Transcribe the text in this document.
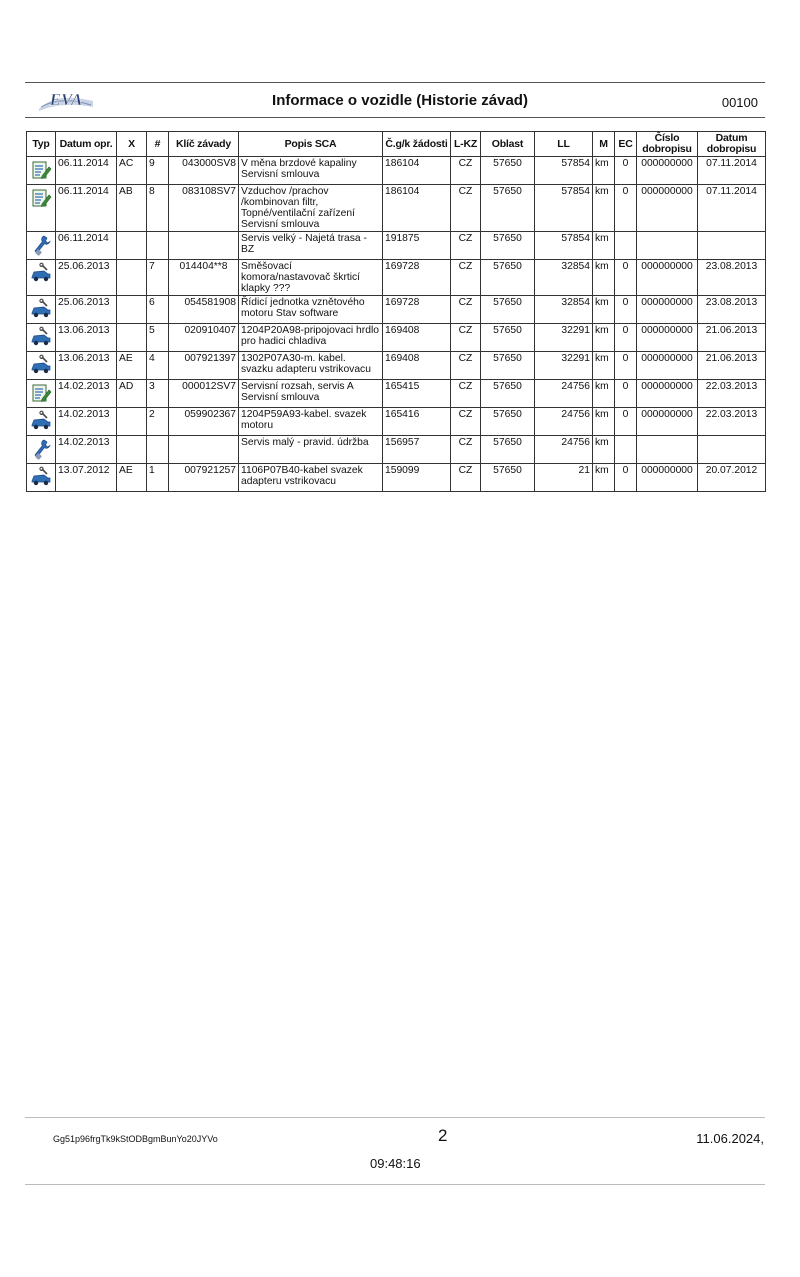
EVA	Informace o vozidle (Historie závad)	00100
Typ	Datum opr.	X	#	Klíč závady	Popis SCA	Č.g/k žádosti	L-KZ	Oblast	LL	M	EC	Číslo dobropisu	Datum dobropisu
	06.11.2014	AC	9	043000SV8	V měna brzdové kapaliny Servisní smlouva	186104	CZ	57650	57854	km	0	000000000	07.11.2014
	06.11.2014	AB	8	083108SV7	Vzduchov /prachov /kombinovan filtr, Topné/ventilační zařízení Servisní smlouva	186104	CZ	57650	57854	km	0	000000000	07.11.2014
	06.11.2014				Servis velký - Najetá trasa - BZ	191875	CZ	57650	57854	km			
	25.06.2013		7	014404**8	Směšovací komora/nastavovač škrticí klapky ???	169728	CZ	57650	32854	km	0	000000000	23.08.2013
	25.06.2013		6	054581908	Řídicí jednotka vznětového motoru Stav software	169728	CZ	57650	32854	km	0	000000000	23.08.2013
	13.06.2013		5	020910407	1204P20A98-pripojovaci hrdlo pro hadici chladiva	169408	CZ	57650	32291	km	0	000000000	21.06.2013
	13.06.2013	AE	4	007921397	1302P07A30-m. kabel. svazku adapteru vstrikovacu	169408	CZ	57650	32291	km	0	000000000	21.06.2013
	14.02.2013	AD	3	000012SV7	Servisní rozsah, servis A Servisní smlouva	165415	CZ	57650	24756	km	0	000000000	22.03.2013
	14.02.2013		2	059902367	1204P59A93-kabel. svazek motoru	165416	CZ	57650	24756	km	0	000000000	22.03.2013
	14.02.2013				Servis malý - pravid. údržba	156957	CZ	57650	24756	km			
	13.07.2012	AE	1	007921257	1106P07B40-kabel svazek adapteru vstrikovacu	159099	CZ	57650	21	km	0	000000000	20.07.2012
Gg51p96frgTk9kStODBgmBunYo20JYVo	2	11.06.2024,
09:48:16
